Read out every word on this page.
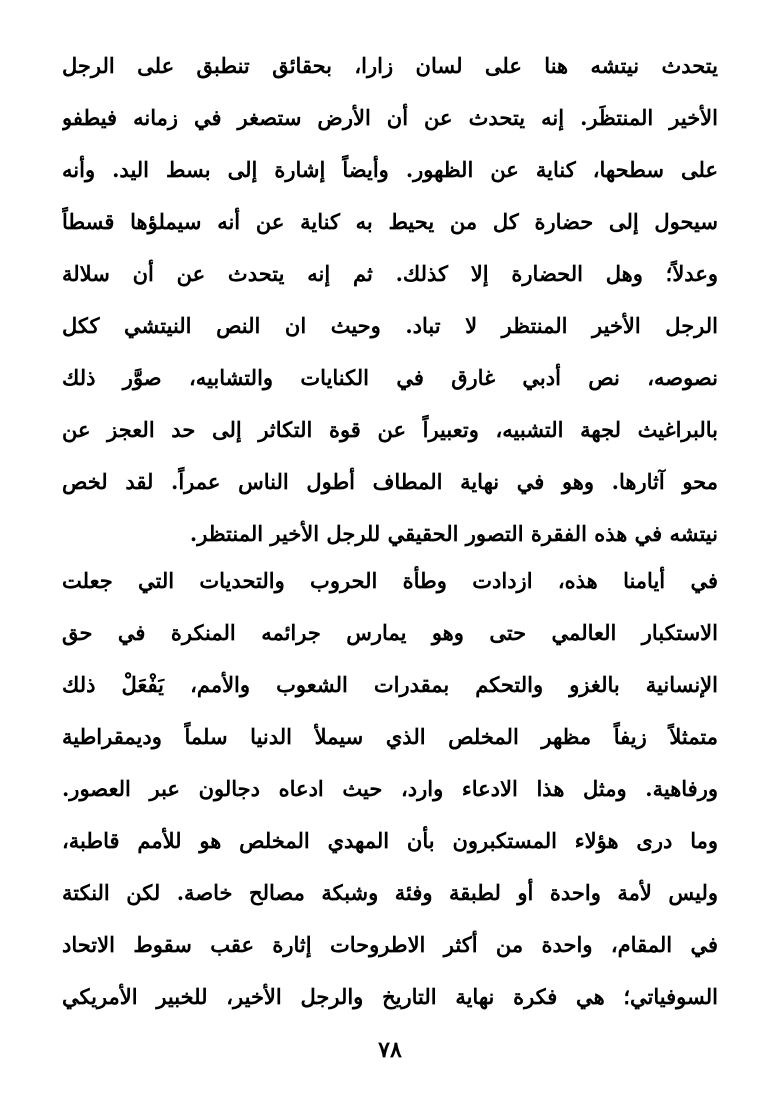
يتحدث نيتشه هنا على لسان زارا، بحقائق تنطبق على الرجل
الأخير المنتظَر. إنه يتحدث عن أن الأرض ستصغر في زمانه فيطفو
على سطحها، كناية عن الظهور. وأيضاً إشارة إلى بسط اليد. وأنه
سيحول إلى حضارة كل من يحيط به كناية عن أنه سيملؤها قسطاً
وعدلاً؛ وهل الحضارة إلا كذلك. ثم إنه يتحدث عن أن سلالة
الرجل الأخير المنتظر لا تباد. وحيث ان النص النيتشي ككل
نصوصه، نص أدبي غارق في الكنايات والتشابيه، صوَّر ذلك
بالبراغيث لجهة التشبيه، وتعبيراً عن قوة التكاثر إلى حد العجز عن
محو آثارها. وهو في نهاية المطاف أطول الناس عمراً. لقد لخص
نيتشه في هذه الفقرة التصور الحقيقي للرجل الأخير المنتظر.
في أيامنا هذه، ازدادت وطأة الحروب والتحديات التي جعلت
الاستكبار العالمي حتى وهو يمارس جرائمه المنكرة في حق
الإنسانية بالغزو والتحكم بمقدرات الشعوب والأمم، يَفْعَلْ ذلك
متمثلاً زيفاً مظهر المخلص الذي سيملأ الدنيا سلماً وديمقراطية
ورفاهية. ومثل هذا الادعاء وارد، حيث ادعاه دجالون عبر العصور.
وما درى هؤلاء المستكبرون بأن المهدي المخلص هو للأمم قاطبة،
وليس لأمة واحدة أو لطبقة وفئة وشبكة مصالح خاصة. لكن النكتة
في المقام، واحدة من أكثر الاطروحات إثارة عقب سقوط الاتحاد
السوفياتي؛ هي فكرة نهاية التاريخ والرجل الأخير، للخبير الأمريكي
٧٨
